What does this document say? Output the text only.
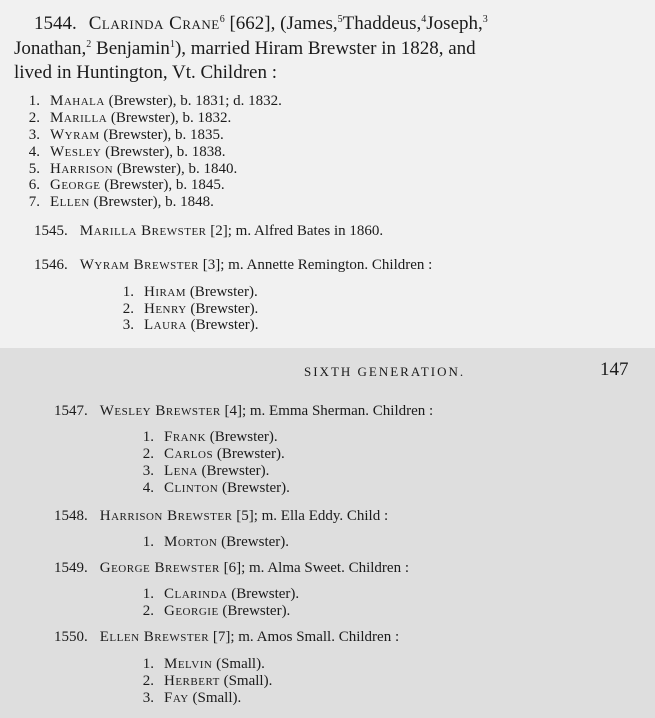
1544. Clarinda Crane$^6$ [662], (James,$^5$Thaddeus,$^4$Joseph,$^3$
Jonathan,$^2$ Benjamin$^1$), married Hiram Brewster in 1828, and
lived in Huntington, Vt. Children :
1. Mahala (Brewster), b. 1831; d. 1832.
2. Marilla (Brewster), b. 1832.
3. Wyram (Brewster), b. 1835.
4. Wesley (Brewster), b. 1838.
5. Harrison (Brewster), b. 1840.
6. George (Brewster), b. 1845.
7. Ellen (Brewster), b. 1848.
1545. Marilla Brewster [2]; m. Alfred Bates in 1860.
1546. Wyram Brewster [3]; m. Annette Remington. Children :
1. Hiram (Brewster).
2. Henry (Brewster).
3. Laura (Brewster).
SIXTH GENERATION.	147
1547. Wesley Brewster [4]; m. Emma Sherman. Children :
1. Frank (Brewster).
2. Carlos (Brewster).
3. Lena (Brewster).
4. Clinton (Brewster).
1548. Harrison Brewster [5]; m. Ella Eddy. Child :
1. Morton (Brewster).
1549. George Brewster [6]; m. Alma Sweet. Children :
1. Clarinda (Brewster).
2. Georgie (Brewster).
1550. Ellen Brewster [7]; m. Amos Small. Children :
1. Melvin (Small).
2. Herbert (Small).
3. Fay (Small).
